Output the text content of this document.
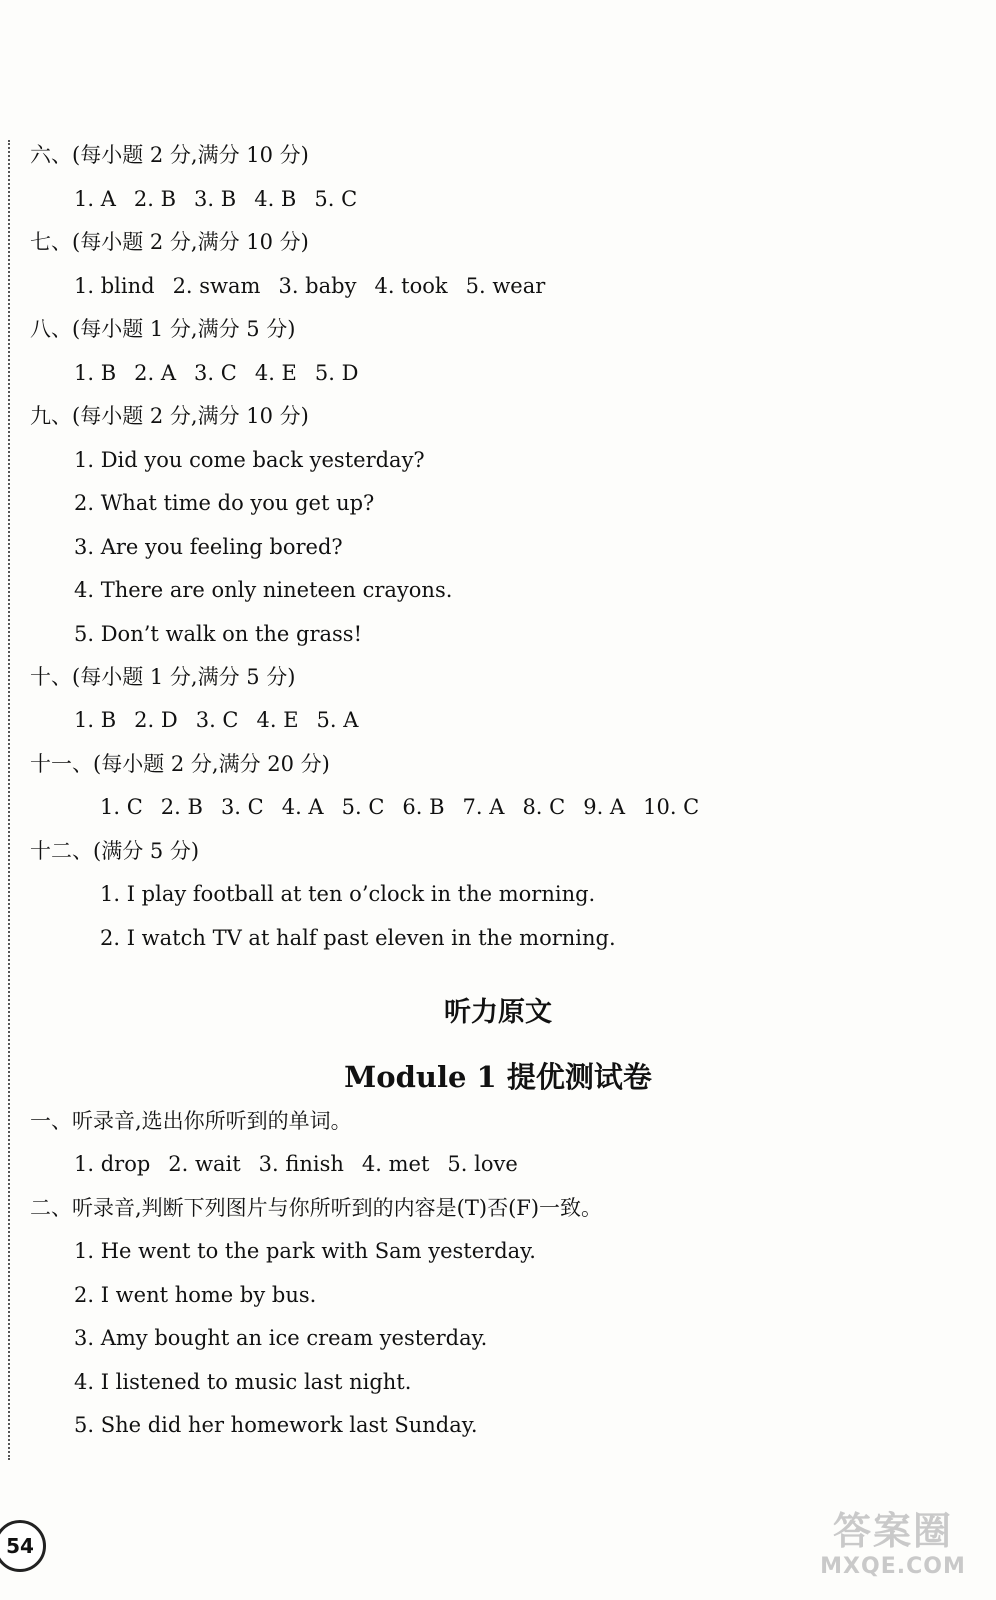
六、(每小题 2 分,满分 10 分)
1. A 2. B 3. B 4. B 5. C
七、(每小题 2 分,满分 10 分)
1. blind 2. swam 3. baby 4. took 5. wear
八、(每小题 1 分,满分 5 分)
1. B 2. A 3. C 4. E 5. D
九、(每小题 2 分,满分 10 分)
1. Did you come back yesterday?
2. What time do you get up?
3. Are you feeling bored?
4. There are only nineteen crayons.
5. Don’t walk on the grass!
十、(每小题 1 分,满分 5 分)
1. B 2. D 3. C 4. E 5. A
十一、(每小题 2 分,满分 20 分)
1. C 2. B 3. C 4. A 5. C 6. B 7. A 8. C 9. A 10. C
十二、(满分 5 分)
1. I play football at ten o’clock in the morning.
2. I watch TV at half past eleven in the morning.
听力原文
Module 1 提优测试卷
一、听录音,选出你所听到的单词。
1. drop 2. wait 3. finish 4. met 5. love
二、听录音,判断下列图片与你所听到的内容是(T)否(F)一致。
1. He went to the park with Sam yesterday.
2. I went home by bus.
3. Amy bought an ice cream yesterday.
4. I listened to music last night.
5. She did her homework last Sunday.
54	答案圈
MXQE.COM
